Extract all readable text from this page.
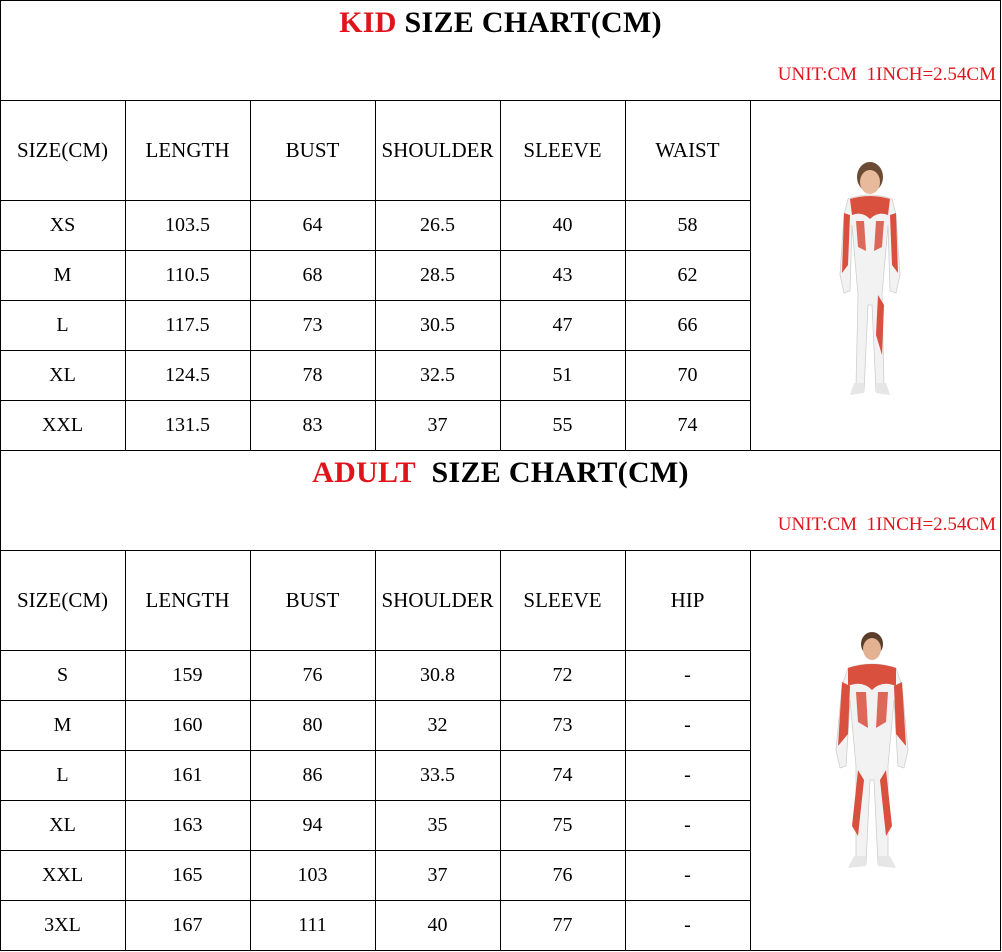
KID SIZE CHART(CM)
UNIT:CM  1INCH=2.54CM
SIZE(CM)	LENGTH	BUST	SHOULDER	SLEEVE	WAIST
XS	103.5	64	26.5	40	58
M	110.5	68	28.5	43	62
L	117.5	73	30.5	47	66
XL	124.5	78	32.5	51	70
XXL	131.5	83	37	55	74
ADULT SIZE CHART(CM)
UNIT:CM  1INCH=2.54CM
SIZE(CM)	LENGTH	BUST	SHOULDER	SLEEVE	HIP
S	159	76	30.8	72	-
M	160	80	32	73	-
L	161	86	33.5	74	-
XL	163	94	35	75	-
XXL	165	103	37	76	-
3XL	167	111	40	77	-
